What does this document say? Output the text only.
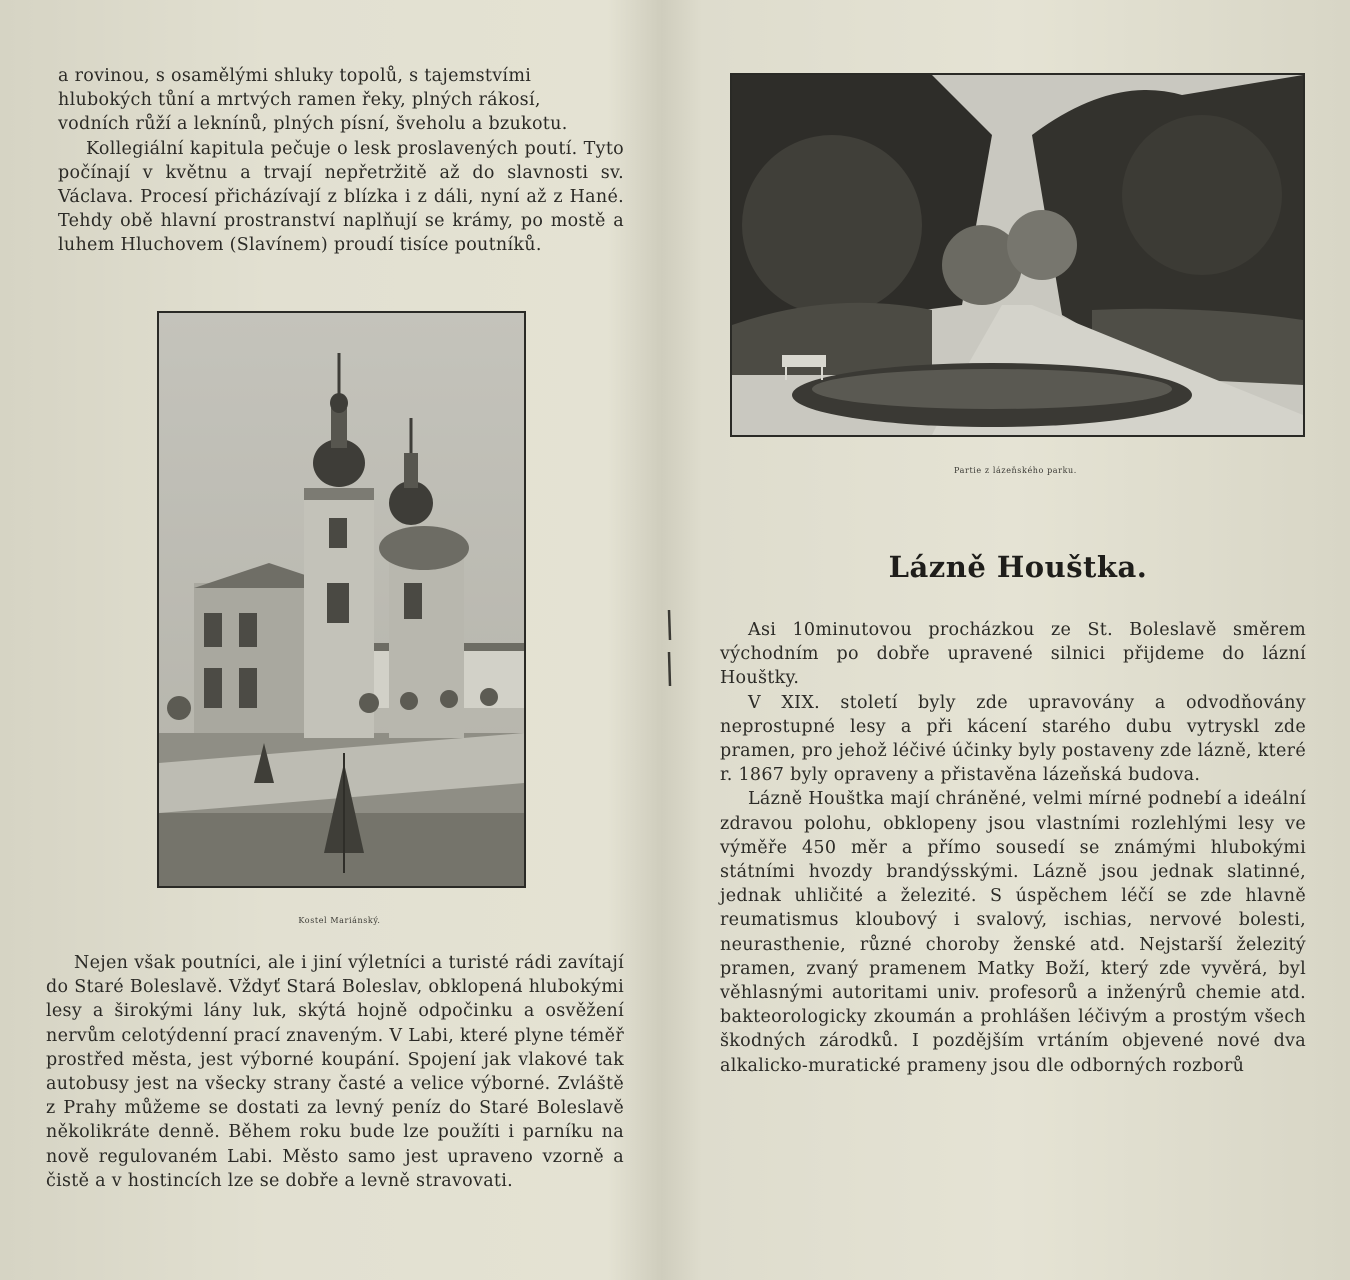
a rovinou, s osamělými shluky topolů, s tajemstvími

hlubokých tůní a mrtvých ramen řeky, plných rákosí,

vodních růží a leknínů, plných písní, šveholu a bzukotu.

Kollegiální kapitula pečuje o lesk proslavených poutí. Tyto počínají v květnu a trvají nepřetržitě až do slavnosti sv. Václava. Procesí přicházívají z blízka i z dáli, nyní až z Hané. Tehdy obě hlavní prostranství naplňují se krámy, po mostě a luhem Hluchovem (Slavínem) proudí tisíce poutníků.

Kostel Mariánský.

Nejen však poutníci, ale i jiní výletníci a turisté rádi zavítají do Staré Boleslavě. Vždyť Stará Boleslav, obklopená hlubokými lesy a širokými lány luk, skýtá hojně odpočinku a osvěžení nervům celotýdenní prací znaveným. V Labi, které plyne téměř prostřed města, jest výborné koupání. Spojení jak vlakové tak autobusy jest na všecky strany časté a velice výborné. Zvláště z Prahy můžeme se dostati za levný peníz do Staré Boleslavě několikráte denně. Během roku bude lze použíti i parníku na nově regulovaném Labi. Město samo jest upraveno vzorně a čistě a v hostincích lze se dobře a levně stravovati.

Partie z lázeňského parku.
Lázně Houštka.

Asi 10minutovou procházkou ze St. Boleslavě směrem východním po dobře upravené silnici přijdeme do lázní Houštky.

V XIX. století byly zde upravovány a odvodňovány neprostupné lesy a při kácení starého dubu vytryskl zde pramen, pro jehož léčivé účinky byly postaveny zde lázně, které r. 1867 byly opraveny a přistavěna lázeňská budova.

Lázně Houštka mají chráněné, velmi mírné podnebí a ideální zdravou polohu, obklopeny jsou vlastními rozlehlými lesy ve výměře 450 měr a přímo sousedí se známými hlubokými státními hvozdy brandýsskými. Lázně jsou jednak slatinné, jednak uhličité a železité. S úspěchem léčí se zde hlavně reumatismus kloubový i svalový, ischias, nervové bolesti, neurasthenie, různé choroby ženské atd. Nejstarší železitý pramen, zvaný pramenem Matky Boží, který zde vyvěrá, byl věhlasnými autoritami univ. profesorů a inženýrů chemie atd. bakteorologicky zkoumán a prohlášen léčivým a prostým všech škodných zárodků. I pozdějším vrtáním objevené nové dva alkalicko-muratické prameny jsou dle odborných rozborů
